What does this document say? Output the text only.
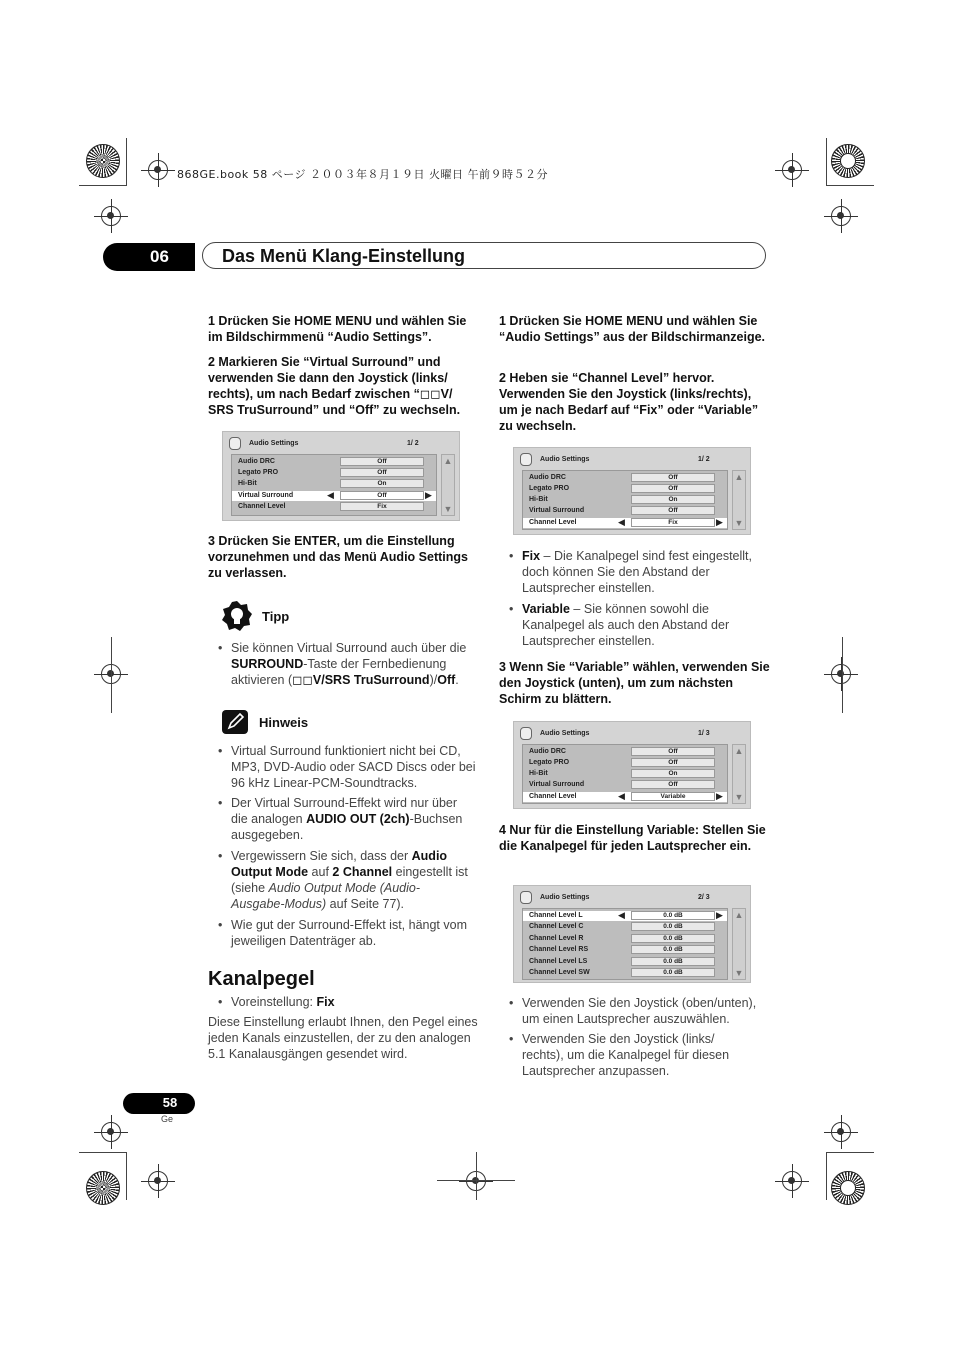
868GE.book 58 ページ ２００３年８月１９日 火曜日 午前９時５２分
06	Das Menü Klang-Einstellung
1 Drücken Sie HOME MENU und wählen Sie im Bildschirmmenü “Audio Settings”.
2 Markieren Sie “Virtual Surround” und verwenden Sie dann den Joystick (links/ rechts), um nach Bedarf zwischen “◻◻V/ SRS TruSurround” und “Off” zu wechseln.
Audio Settings	1/ 2
Audio DRC	Off
Legato PRO	Off
Hi-Bit	On
Virtual Surround	◀	Off	▶
Channel Level	Fix
▲
▼
3 Drücken Sie ENTER, um die Einstellung vorzunehmen und das Menü Audio Settings zu verlassen.
Tipp
• Sie können Virtual Surround auch über die SURROUND-Taste der Fernbedienung aktivieren (◻◻V/SRS TruSurround)/Off.
Hinweis
• Virtual Surround funktioniert nicht bei CD, MP3, DVD-Audio oder SACD Discs oder bei 96 kHz Linear-PCM-Soundtracks.
• Der Virtual Surround-Effekt wird nur über die analogen AUDIO OUT (2ch)-Buchsen ausgegeben.
• Vergewissern Sie sich, dass der Audio Output Mode auf 2 Channel eingestellt ist (siehe Audio Output Mode (Audio-Ausgabe-Modus) auf Seite 77).
• Wie gut der Surround-Effekt ist, hängt vom jeweiligen Datenträger ab.
Kanalpegel
• Voreinstellung: Fix
Diese Einstellung erlaubt Ihnen, den Pegel eines jeden Kanals einzustellen, der zu den analogen 5.1 Kanalausgängen gesendet wird.
1 Drücken Sie HOME MENU und wählen Sie “Audio Settings” aus der Bildschirmanzeige.
2 Heben sie “Channel Level” hervor. Verwenden Sie den Joystick (links/rechts), um je nach Bedarf auf “Fix” oder “Variable” zu wechseln.
Audio Settings	1/ 2
Audio DRC	Off
Legato PRO	Off
Hi-Bit	On
Virtual Surround	Off
Channel Level	◀	Fix	▶
▲
▼
• Fix – Die Kanalpegel sind fest eingestellt, doch können Sie den Abstand der Lautsprecher einstellen.
• Variable – Sie können sowohl die Kanalpegel als auch den Abstand der Lautsprecher einstellen.
3 Wenn Sie “Variable” wählen, verwenden Sie den Joystick (unten), um zum nächsten Schirm zu blättern.
Audio Settings	1/ 3
Audio DRC	Off
Legato PRO	Off
Hi-Bit	On
Virtual Surround	Off
Channel Level	◀	Variable	▶
▲
▼
4 Nur für die Einstellung Variable: Stellen Sie die Kanalpegel für jeden Lautsprecher ein.
Audio Settings	2/ 3
Channel Level L	◀	0.0 dB	▶
Channel Level C	0.0 dB
Channel Level R	0.0 dB
Channel Level RS	0.0 dB
Channel Level LS	0.0 dB
Channel Level SW	0.0 dB
▲
▼
• Verwenden Sie den Joystick (oben/unten), um einen Lautsprecher auszuwählen.
• Verwenden Sie den Joystick (links/ rechts), um die Kanalpegel für diesen Lautsprecher anzupassen.
58
Ge
